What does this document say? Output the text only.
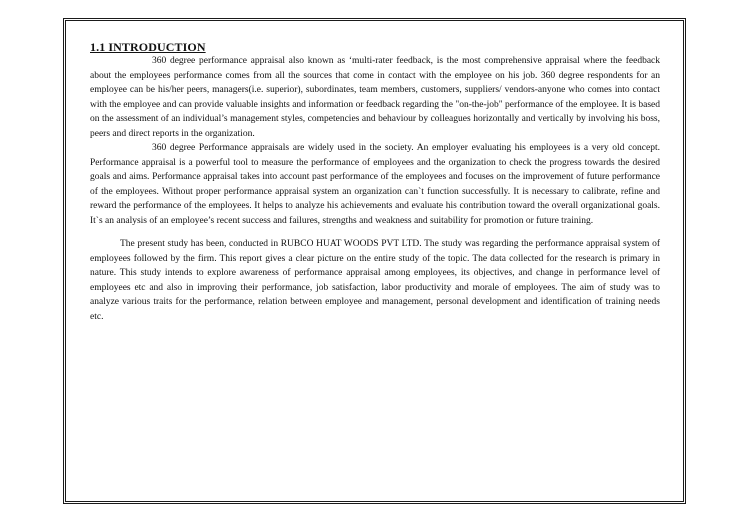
1.1 INTRODUCTION

360 degree performance appraisal also known as ‘multi-rater feedback, is the most comprehensive appraisal where the feedback about the employees performance comes from all the sources that come in contact with the employee on his job. 360 degree respondents for an employee can be his/her peers, managers(i.e. superior), subordinates, team members, customers, suppliers/ vendors-anyone who comes into contact with the employee and can provide valuable insights and information or feedback regarding the "on-the-job" performance of the employee. It is based on the assessment of an individual’s management styles, competencies and behaviour by colleagues horizontally and vertically by involving his boss, peers and direct reports in the organization.

360 degree Performance appraisals are widely used in the society. An employer evaluating his employees is a very old concept. Performance appraisal is a powerful tool to measure the performance of employees and the organization to check the progress towards the desired goals and aims. Performance appraisal takes into account past performance of the employees and focuses on the improvement of future performance of the employees. Without proper performance appraisal system an organization can`t function successfully. It is necessary to calibrate, refine and reward the performance of the employees. It helps to analyze his achievements and evaluate his contribution toward the overall organizational goals. It`s an analysis of an employee’s recent success and failures, strengths and weakness and suitability for promotion or future training.

The present study has been, conducted in RUBCO HUAT WOODS PVT LTD. The study was regarding the performance appraisal system of employees followed by the firm. This report gives a clear picture on the entire study of the topic. The data collected for the research is primary in nature. This study intends to explore awareness of performance appraisal among employees, its objectives, and change in performance level of employees etc and also in improving their performance, job satisfaction, labor productivity and morale of employees. The aim of study was to analyze various traits for the performance, relation between employee and management, personal development and identification of training needs etc.
